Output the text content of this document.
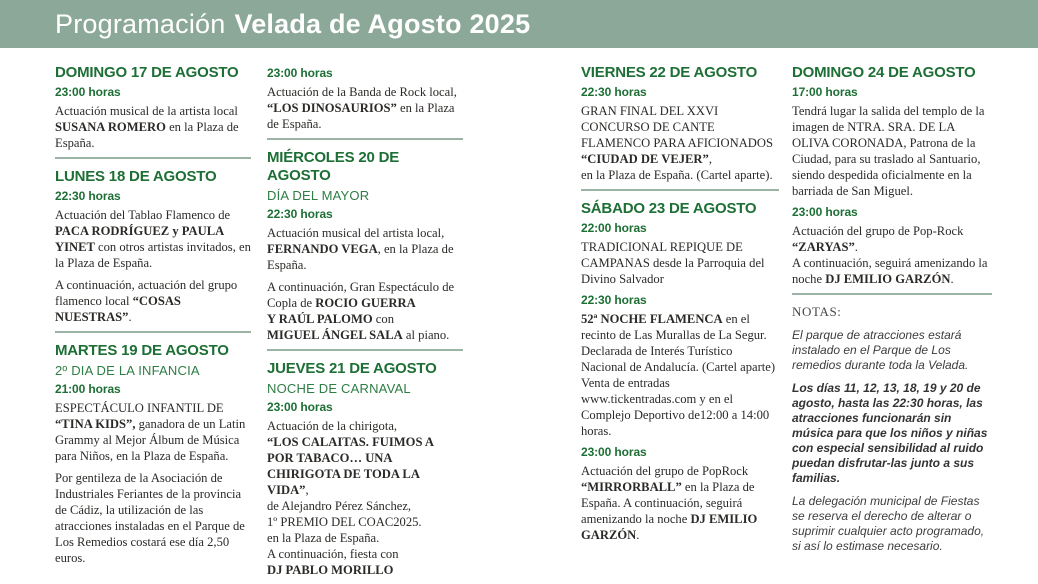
Programación Velada de Agosto 2025
DOMINGO 17 DE AGOSTO
23:00 horas

Actuación musical de la artista local SUSANA ROMERO en la Plaza de España.

LUNES 18 DE AGOSTO
22:30 horas

Actuación del Tablao Flamenco de PACA RODRÍGUEZ y PAULA YINET con otros artistas invitados, en la Plaza de España.

A continuación, actuación del grupo flamenco local “COSAS NUESTRAS”.

MARTES 19 DE AGOSTO
2º DIA DE LA INFANCIA
21:00 horas

ESPECTÁCULO INFANTIL DE “TINA KIDS”, ganadora de un Latin Grammy al Mejor Álbum de Música para Niños, en la Plaza de España.

Por gentileza de la Asociación de Industriales Feriantes de la provincia de Cádiz, la utilización de las atracciones instaladas en el Parque de Los Remedios costará ese día 2,50 euros.

23:00 horas

Actuación de la Banda de Rock local, “LOS DINOSAURIOS” en la Plaza de España.

MIÉRCOLES 20 DE AGOSTO
DÍA DEL MAYOR
22:30 horas

Actuación musical del artista local, FERNANDO VEGA, en la Plaza de España.

A continuación, Gran Espectáculo de Copla de ROCIO GUERRA
Y RAÚL PALOMO con
MIGUEL ÁNGEL SALA al piano.

JUEVES 21 DE AGOSTO
NOCHE DE CARNAVAL
23:00 horas

Actuación de la chirigota,
“LOS CALAITAS. FUIMOS A POR TABACO… UNA CHIRIGOTA DE TODA LA VIDA”,
de Alejandro Pérez Sánchez,
1º PREMIO DEL COAC2025.
en la Plaza de España.
A continuación, fiesta con
DJ PABLO MORILLO

VIERNES 22 DE AGOSTO
22:30 horas

GRAN FINAL DEL XXVI CONCURSO DE CANTE FLAMENCO PARA AFICIONADOS
“CIUDAD DE VEJER”,
en la Plaza de España. (Cartel aparte).

SÁBADO 23 DE AGOSTO
22:00 horas

TRADICIONAL REPIQUE DE CAMPANAS desde la Parroquia del Divino Salvador

22:30 horas

52ª NOCHE FLAMENCA en el recinto de Las Murallas de La Segur. Declarada de Interés Turístico Nacional de Andalucía. (Cartel aparte) Venta de entradas www.tickentradas.com y en el Complejo Deportivo de12:00 a 14:00 horas.

23:00 horas

Actuación del grupo de PopRock “MIRRORBALL” en la Plaza de España. A continuación, seguirá amenizando la noche DJ EMILIO GARZÓN.

DOMINGO 24 DE AGOSTO
17:00 horas

Tendrá lugar la salida del templo de la imagen de NTRA. SRA. DE LA OLIVA CORONADA, Patrona de la Ciudad, para su traslado al Santuario, siendo despedida oficialmente en la barriada de San Miguel.

23:00 horas

Actuación del grupo de Pop-Rock
“ZARYAS”.
A continuación, seguirá amenizando la noche DJ EMILIO GARZÓN.

NOTAS:

El parque de atracciones estará instalado en el Parque de Los remedios durante toda la Velada.

Los días 11, 12, 13, 18, 19 y 20 de agosto, hasta las 22:30 horas, las atracciones funcionarán sin música para que los niños y niñas con especial sensibilidad al ruido puedan disfrutar-las junto a sus familias.

La delegación municipal de Fiestas se reserva el derecho de alterar o suprimir cualquier acto programado, si así lo estimase necesario.
